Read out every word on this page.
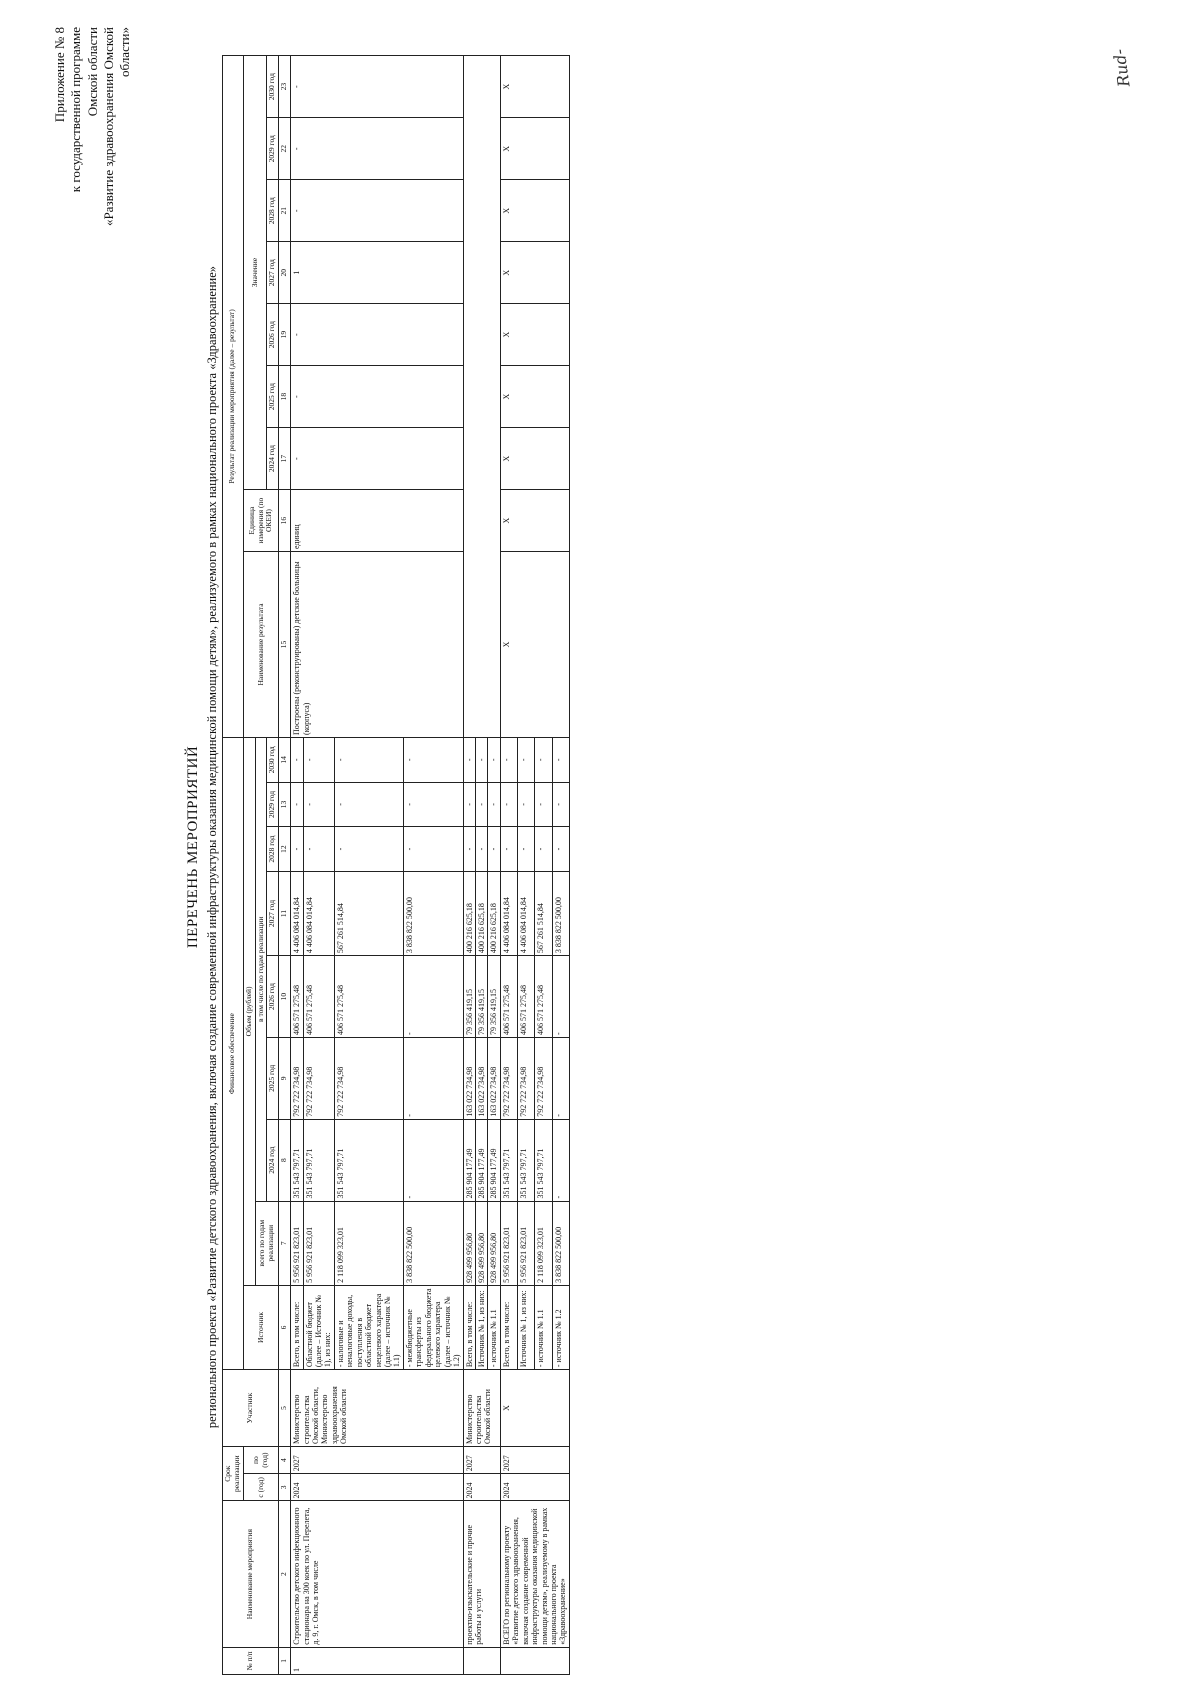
Приложение № 8 к государственной программе Омской области «Развитие здравоохранения Омской области»
ПЕРЕЧЕНЬ МЕРОПРИЯТИЙ регионального проекта «Развитие детского здравоохранения, включая создание современной инфраструктуры оказания медицинской помощи детям», реализуемого в рамках национального проекта «Здравоохранение»
№ п/п	Наименование мероприятия	Срок реализации		Участник	Финансовое обеспечение									Результат реализации мероприятия (далее – результат)								
		с (год)	по (год)		Источник	Объем (рублей)								Наименование результата	Единица измерения (по ОКЕИ)	Значение						
						всего по годам реализации	в том числе по годам реализации															
							2024 год	2025 год	2026 год	2027 год	2028 год	2029 год	2030 год			2024 год	2025 год	2026 год	2027 год	2028 год	2029 год	2030 год
1	2	3	4	5	6	7	8	9	10	11	12	13	14	15	16	17	18	19	20	21	22	23
1	Строительство детского инфекционного стационара на 300 коек по ул. Перелета, д. 9, г. Омск, в том числе	2024	2027	Министерство строительства Омской области, Министерство здравоохранения Омской области	Всего, в том числе:	5 956 921 823,01	351 543 797,71	792 722 734,98	406 571 275,48	4 406 084 014,84	-	-	-	Построены (реконструированы) детские больницы (корпуса)	единиц	-	-	-	1	-	-	-
					Областной бюджет (далее – Источник № 1), из них:	5 956 921 823,01	351 543 797,71	792 722 734,98	406 571 275,48	4 406 084 014,84	-	-	-									
					- налоговые и неналоговые доходы, поступления в областной бюджет нецелевого характера (далее – источник № 1.1)	2 118 099 323,01	351 543 797,71	792 722 734,98	406 571 275,48	567 261 514,84	-	-	-									
					- межбюджетные трансферты из федерального бюджета целевого характера (далее – источник № 1.2)	3 838 822 500,00	-	-	-	3 838 822 500,00	-	-	-									
	проектно-изыскательские и прочие работы и услуги	2024	2027	Министерство строительства Омской области	Всего, в том числе:	928 499 956,80	285 904 177,49	163 022 734,98	79 356 419,15	400 216 625,18	-	-	-									
					Источник № 1, из них:	928 499 956,80	285 904 177,49	163 022 734,98	79 356 419,15	400 216 625,18	-	-	-									
					- источник № 1.1	928 499 956,80	285 904 177,49	163 022 734,98	79 356 419,15	400 216 625,18	-	-	-									
	ВСЕГО по региональному проекту «Развитие детского здравоохранения, включая создание современной инфраструктуры оказания медицинской помощи детям», реализуемому в рамках национального проекта «Здравоохранение»	2024	2027	X	Всего, в том числе:	5 956 921 823,01	351 543 797,71	792 722 734,98	406 571 275,48	4 406 084 014,84	-	-	-	X	X	X	X	X	X	X	X	X
					Источник № 1, из них:	5 956 921 823,01	351 543 797,71	792 722 734,98	406 571 275,48	4 406 084 014,84	-	-	-									
					- источник № 1.1	2 118 099 323,01	351 543 797,71	792 722 734,98	406 571 275,48	567 261 514,84	-	-	-									
					- источник № 1.2	3 838 822 500,00	-	-	-	3 838 822 500,00	-	-	-									
Rud-
